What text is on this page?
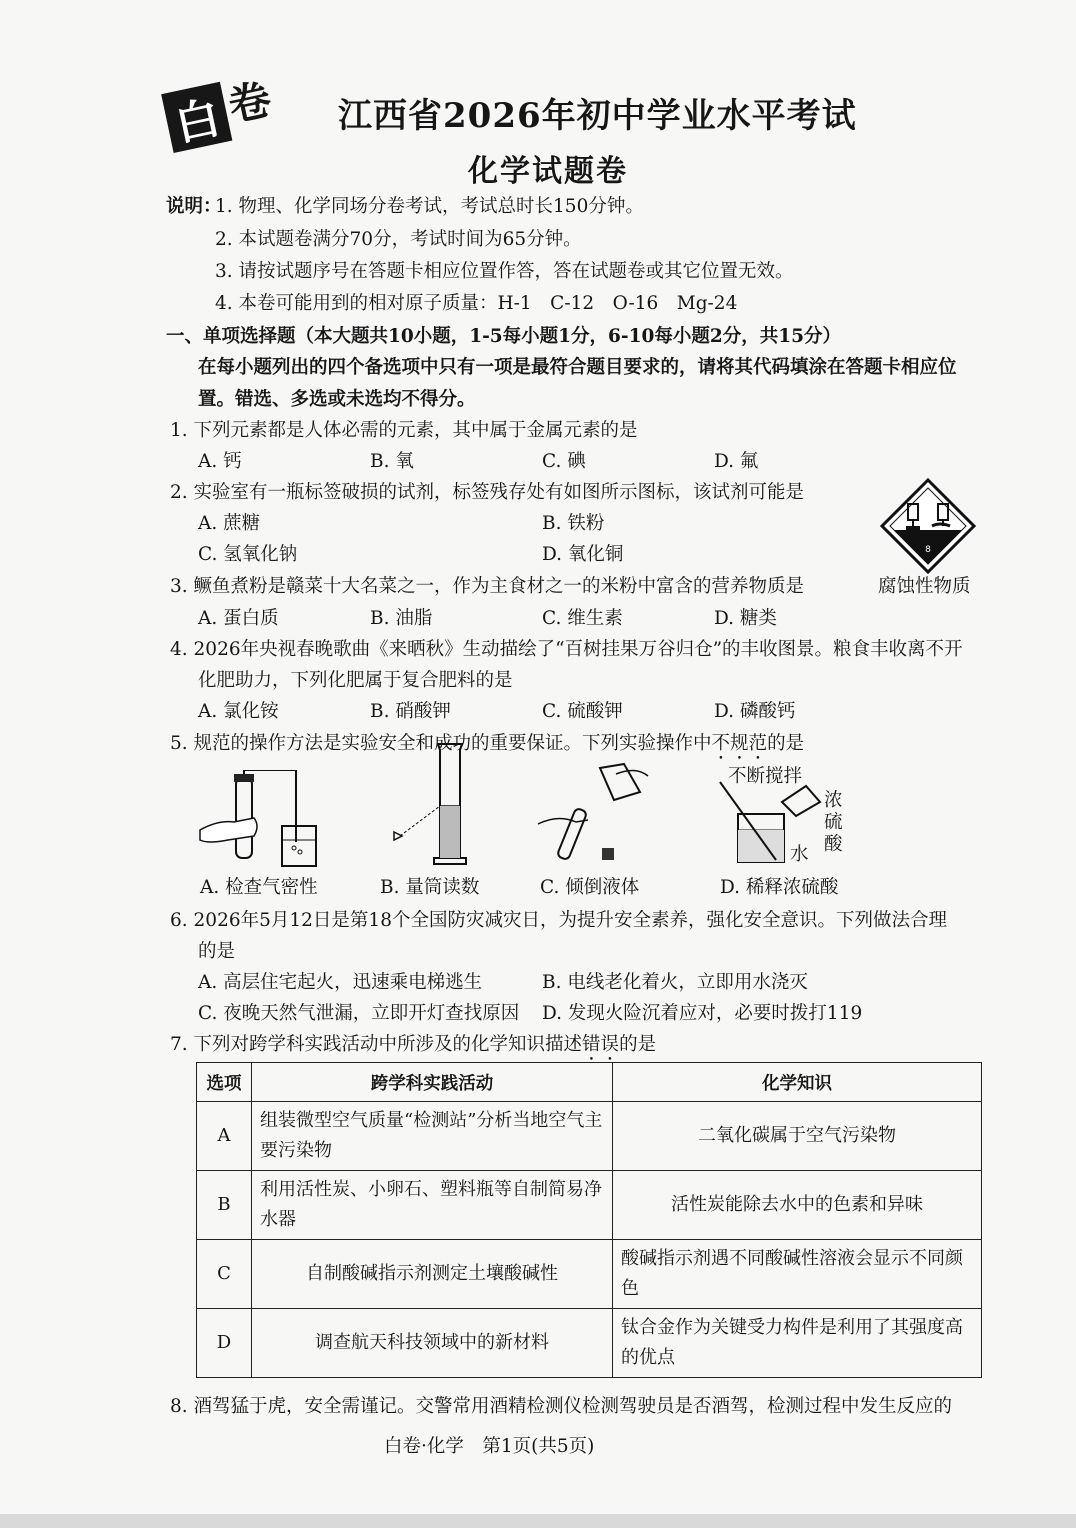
白 卷 江西省2026年初中学业水平考试
化学试题卷
说明：
1. 物理、化学同场分卷考试，考试总时长150分钟。
2. 本试题卷满分70分，考试时间为65分钟。
3. 请按试题序号在答题卡相应位置作答，答在试题卷或其它位置无效。
4. 本卷可能用到的相对原子质量：H-1　C-12　O-16　Mg-24
一、单项选择题（本大题共10小题，1-5每小题1分，6-10每小题2分，共15分）
在每小题列出的四个备选项中只有一项是最符合题目要求的，请将其代码填涂在答题卡相应位
置。错选、多选或未选均不得分。
1. 下列元素都是人体必需的元素，其中属于金属元素的是
A. 钙	B. 氧	C. 碘	D. 氟
2. 实验室有一瓶标签破损的试剂，标签残存处有如图所示图标，该试剂可能是
A. 蔗糖	B. 铁粉
C. 氢氧化钠	D. 氧化铜	8
腐蚀性物质
3. 鳜鱼煮粉是赣菜十大名菜之一，作为主食材之一的米粉中富含的营养物质是
A. 蛋白质	B. 油脂	C. 维生素	D. 糖类
4. 2026年央视春晚歌曲《来晒秋》生动描绘了“百树挂果万谷归仓”的丰收图景。粮食丰收离不开
化肥助力，下列化肥属于复合肥料的是
A. 氯化铵	B. 硝酸钾	C. 硫酸钾	D. 磷酸钙
5. 规范的操作方法是实验安全和成功的重要保证。下列实验操作中不规范的是
不断搅拌
浓硫酸
水
A. 检查气密性	B. 量筒读数	C. 倾倒液体	D. 稀释浓硫酸
6. 2026年5月12日是第18个全国防灾减灾日，为提升安全素养，强化安全意识。下列做法合理
的是
A. 高层住宅起火，迅速乘电梯逃生	B. 电线老化着火，立即用水浇灭
C. 夜晚天然气泄漏，立即开灯查找原因 D. 发现火险沉着应对，必要时拨打119
7. 下列对跨学科实践活动中所涉及的化学知识描述错误的是
选项	跨学科实践活动	化学知识
A	组装微型空气质量“检测站”分析当地空气主要污染物	二氧化碳属于空气污染物
B	利用活性炭、小卵石、塑料瓶等自制简易净水器	活性炭能除去水中的色素和异味
C	自制酸碱指示剂测定土壤酸碱性	酸碱指示剂遇不同酸碱性溶液会显示不同颜色
D	调查航天科技领域中的新材料	钛合金作为关键受力构件是利用了其强度高的优点
8. 酒驾猛于虎，安全需谨记。交警常用酒精检测仪检测驾驶员是否酒驾，检测过程中发生反应的
白卷·化学　第1页(共5页)
